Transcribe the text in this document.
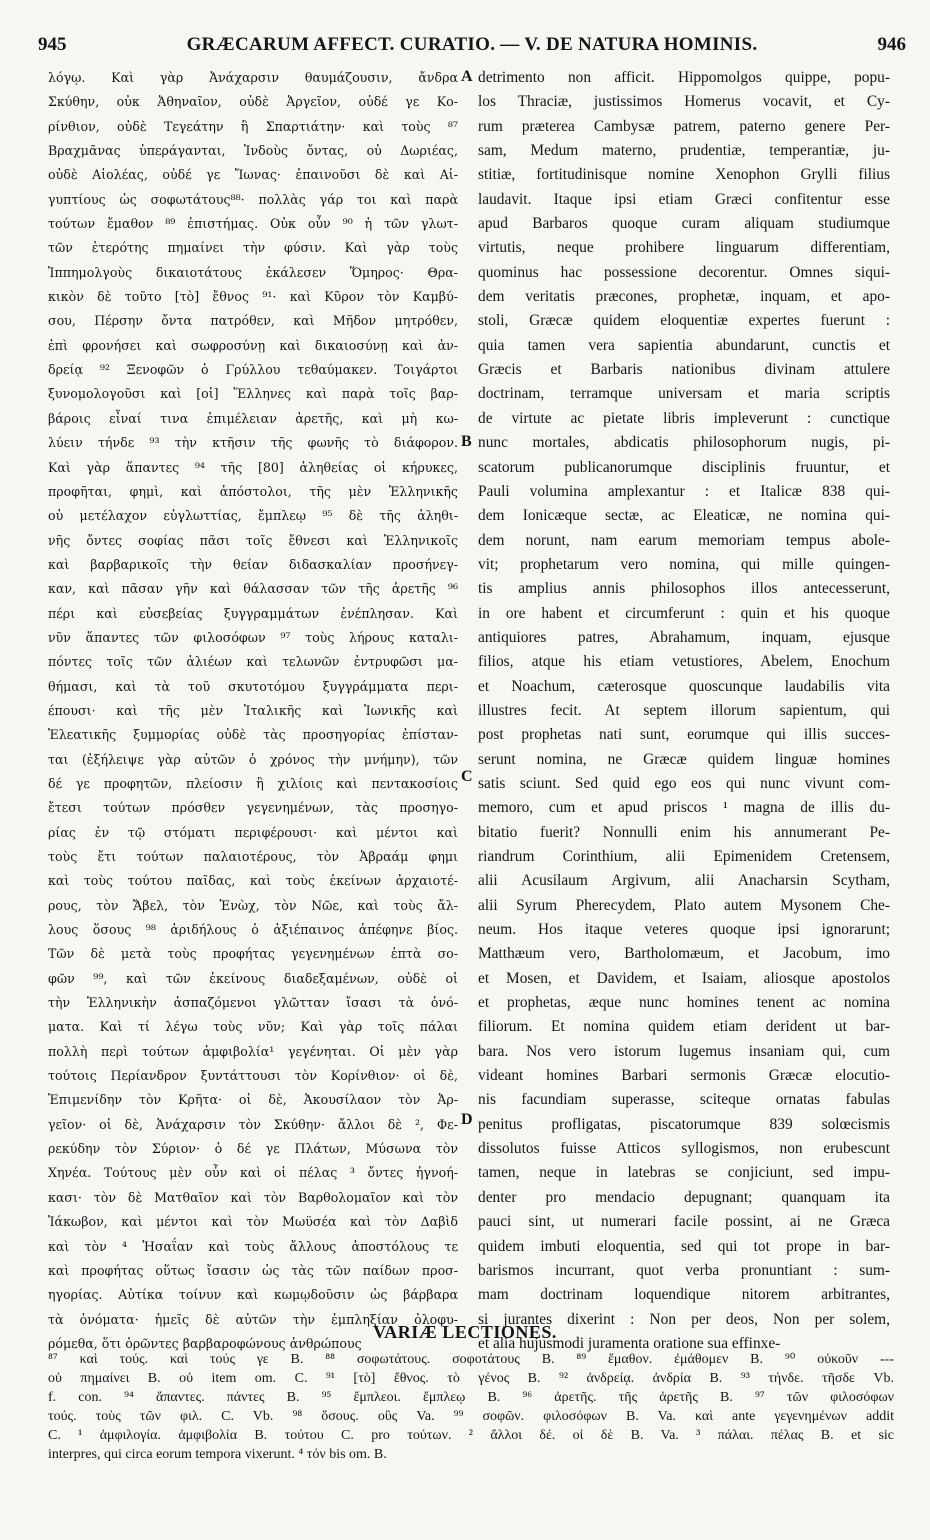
945	GRÆCARUM AFFECT. CURATIO. — V. DE NATURA HOMINIS.	946
λόγῳ. Καὶ γὰρ Ἀνάχαρσιν θαυμάζουσιν, ἄνδρα
Σκύθην, οὐκ Ἀθηναῖον, οὐδὲ Ἀργεῖον, οὐδέ γε Κο-
ρίνθιον, οὐδὲ Τεγεάτην ἢ Σπαρτιάτην· καὶ τοὺς ⁸⁷
Βραχμᾶνας ὑπεράγανται, Ἰνδοὺς ὄντας, οὐ Δωριέας,
οὐδὲ Αἰολέας, οὐδέ γε Ἴωνας· ἐπαινοῦσι δὲ καὶ Αἰ-
γυπτίους ὡς σοφωτάτους⁸⁸· πολλὰς γάρ τοι καὶ παρὰ
τούτων ἔμαθον ⁸⁹ ἐπιστήμας. Οὐκ οὖν ⁹⁰ ἡ τῶν γλωτ-
τῶν ἑτερότης πημαίνει τὴν φύσιν. Καὶ γὰρ τοὺς
Ἱππημολγοὺς δικαιοτάτους ἐκάλεσεν Ὅμηρος· Θρα-
κικὸν δὲ τοῦτο [τὸ] ἔθνος ⁹¹· καὶ Κῦρον τὸν Καμβύ-
σου, Πέρσην ὄντα πατρόθεν, καὶ Μῆδον μητρόθεν,
ἐπὶ φρονήσει καὶ σωφροσύνῃ καὶ δικαιοσύνῃ καὶ ἀν-
δρείᾳ ⁹² Ξενοφῶν ὁ Γρύλλου τεθαύμακεν. Τοιγάρτοι
ξυνομολογοῦσι καὶ [οἱ] Ἕλληνες καὶ παρὰ τοῖς βαρ-
βάροις εἶναί τινα ἐπιμέλειαν ἀρετῆς, καὶ μὴ κω-
λύειν τήνδε ⁹³ τὴν κτῆσιν τῆς φωνῆς τὸ διάφορον.
Καὶ γὰρ ἅπαντες ⁹⁴ τῆς [80] ἀληθείας οἱ κήρυκες,
προφῆται, φημὶ, καὶ ἀπόστολοι, τῆς μὲν Ἑλληνικῆς
οὐ μετέλαχον εὐγλωττίας, ἔμπλεῳ ⁹⁵ δὲ τῆς ἀληθι-
νῆς ὄντες σοφίας πᾶσι τοῖς ἔθνεσι καὶ Ἑλληνικοῖς
καὶ βαρβαρικοῖς τὴν θείαν διδασκαλίαν προσήνεγ-
καν, καὶ πᾶσαν γῆν καὶ θάλασσαν τῶν τῆς ἀρετῆς ⁹⁶
πέρι καὶ εὐσεβείας ξυγγραμμάτων ἐνέπλησαν. Καὶ
νῦν ἅπαντες τῶν φιλοσόφων ⁹⁷ τοὺς λήρους καταλι-
πόντες τοῖς τῶν ἁλιέων καὶ τελωνῶν ἐντρυφῶσι μα-
θήμασι, καὶ τὰ τοῦ σκυτοτόμου ξυγγράμματα περι-
έπουσι· καὶ τῆς μὲν Ἰταλικῆς καὶ Ἰωνικῆς καὶ
Ἐλεατικῆς ξυμμορίας οὐδὲ τὰς προσηγορίας ἐπίσταν-
ται (ἐξήλειψε γὰρ αὐτῶν ὁ χρόνος τὴν μνήμην), τῶν
δέ γε προφητῶν, πλείοσιν ἢ χιλίοις καὶ πεντακοσίοις
ἔτεσι τούτων πρόσθεν γεγενημένων, τὰς προσηγο-
ρίας ἐν τῷ στόματι περιφέρουσι· καὶ μέντοι καὶ
τοὺς ἔτι τούτων παλαιοτέρους, τὸν Ἀβραάμ φημι
καὶ τοὺς τούτου παῖδας, καὶ τοὺς ἐκείνων ἀρχαιοτέ-
ρους, τὸν Ἄβελ, τὸν Ἐνὼχ, τὸν Νῶε, καὶ τοὺς ἄλ-
λους ὅσους ⁹⁸ ἀριδήλους ὁ ἀξιέπαινος ἀπέφηνε βίος.
Τῶν δὲ μετὰ τοὺς προφήτας γεγενημένων ἑπτὰ σο-
φῶν ⁹⁹, καὶ τῶν ἐκείνους διαδεξαμένων, οὐδὲ οἱ
τὴν Ἑλληνικὴν ἀσπαζόμενοι γλῶτταν ἴσασι τὰ ὀνό-
ματα. Καὶ τί λέγω τοὺς νῦν; Καὶ γὰρ τοῖς πάλαι
πολλὴ περὶ τούτων ἀμφιβολία¹ γεγένηται. Οἱ μὲν γὰρ
τούτοις Περίανδρον ξυντάττουσι τὸν Κορίνθιον· οἱ δὲ,
Ἐπιμενίδην τὸν Κρῆτα· οἱ δὲ, Ἀκουσίλαον τὸν Ἀρ-
γεῖον· οἱ δὲ, Ἀνάχαρσιν τὸν Σκύθην· ἄλλοι δὲ ², Φε-
ρεκύδην τὸν Σύριον· ὁ δέ γε Πλάτων, Μύσωνα τὸν
Χηνέα. Τούτους μὲν οὖν καὶ οἱ πέλας ³ ὄντες ἠγνοή-
κασι· τὸν δὲ Ματθαῖον καὶ τὸν Βαρθολομαῖον καὶ τὸν
Ἰάκωβον, καὶ μέντοι καὶ τὸν Μωϋσέα καὶ τὸν Δαβὶδ
καὶ τὸν ⁴ Ἡσαΐαν καὶ τοὺς ἄλλους ἀποστόλους τε
καὶ προφήτας οὕτως ἴσασιν ὡς τὰς τῶν παίδων προσ-
ηγορίας. Αὐτίκα τοίνυν καὶ κωμῳδοῦσιν ὡς βάρβαρα
τὰ ὀνόματα· ἡμεῖς δὲ αὐτῶν τὴν ἐμπληξίαν ὀλοφυ-
ρόμεθα, ὅτι ὁρῶντες βαρβαροφώνους ἀνθρώπους
detrimento non afficit. Hippomolgos quippe, popu-
los Thraciæ, justissimos Homerus vocavit, et Cy-
rum præterea Cambysæ patrem, paterno genere Per-
sam, Medum materno, prudentiæ, temperantiæ, ju-
stitiæ, fortitudinisque nomine Xenophon Grylli filius
laudavit. Itaque ipsi etiam Græci confitentur esse
apud Barbaros quoque curam aliquam studiumque
virtutis, neque prohibere linguarum differentiam,
quominus hac possessione decorentur. Omnes siqui-
dem veritatis præcones, prophetæ, inquam, et apo-
stoli, Græcæ quidem eloquentiæ expertes fuerunt :
quia tamen vera sapientia abundarunt, cunctis et
Græcis et Barbaris nationibus divinam attulere
doctrinam, terramque universam et maria scriptis
de virtute ac pietate libris impleverunt : cunctique
nunc mortales, abdicatis philosophorum nugis, pi-
scatorum publicanorumque disciplinis fruuntur, et
Pauli volumina amplexantur : et Italicæ 838 qui-
dem Ionicæque sectæ, ac Eleaticæ, ne nomina qui-
dem norunt, nam earum memoriam tempus abole-
vit; prophetarum vero nomina, qui mille quingen-
tis amplius annis philosophos illos antecesserunt,
in ore habent et circumferunt : quin et his quoque
antiquiores patres, Abrahamum, inquam, ejusque
filios, atque his etiam vetustiores, Abelem, Enochum
et Noachum, cæterosque quoscunque laudabilis vita
illustres fecit. At septem illorum sapientum, qui
post prophetas nati sunt, eorumque qui illis succes-
serunt nomina, ne Græcæ quidem linguæ homines
satis sciunt. Sed quid ego eos qui nunc vivunt com-
memoro, cum et apud priscos ¹ magna de illis du-
bitatio fuerit? Nonnulli enim his annumerant Pe-
riandrum Corinthium, alii Epimenidem Cretensem,
alii Acusilaum Argivum, alii Anacharsin Scytham,
alii Syrum Pherecydem, Plato autem Mysonem Che-
neum. Hos itaque veteres quoque ipsi ignorarunt;
Matthæum vero, Bartholomæum, et Jacobum, imo
et Mosen, et Davidem, et Isaiam, aliosque apostolos
et prophetas, æque nunc homines tenent ac nomina
filiorum. Et nomina quidem etiam derident ut bar-
bara. Nos vero istorum lugemus insaniam qui, cum
videant homines Barbari sermonis Græcæ elocutio-
nis facundiam superasse, sciteque ornatas fabulas
penitus profligatas, piscatorumque 839 solœcismis
dissolutos fuisse Atticos syllogismos, non erubescunt
tamen, neque in latebras se conjiciunt, sed impu-
denter pro mendacio depugnant; quanquam ita
pauci sint, ut numerari facile possint, ai ne Græca
quidem imbuti eloquentia, sed qui tot prope in bar-
barismos incurrant, quot verba pronuntiant : sum-
mam doctrinam loquendique nitorem arbitrantes,
si jurantes dixerint : Non per deos, Non per solem,
et alia hujusmodi juramenta oratione sua effinxe-
A
B
C
D
VARIÆ LECTIONES.
⁸⁷ καὶ τούς. καὶ τούς γε B. ⁸⁸ σοφωτάτους. σοφοτάτους B. ⁸⁹ ἔμαθον. ἐμάθομεν B. ⁹⁰ οὐκοῦν ---
οὐ πημαίνει B. οὐ item om. C. ⁹¹ [τὸ] ἔθνος. τὸ γένος B. ⁹² ἀνδρείᾳ. ἀνδρία B. ⁹³ τήνδε. τῆσδε Vb.
f. con. ⁹⁴ ἅπαντες. πάντες B. ⁹⁵ ἔμπλεοι. ἔμπλεῳ B. ⁹⁶ ἀρετῆς. τῆς ἀρετῆς B. ⁹⁷ τῶν φιλοσόφων
τούς. τοὺς τῶν φιλ. C. Vb. ⁹⁸ ὅσους. οὓς Va. ⁹⁹ σοφῶν. φιλοσόφων B. Va. καὶ ante γεγενημένων addit
C. ¹ ἀμφιλογία. ἀμφιβολία B. τούτου C. pro τούτων. ² ἄλλοι δέ. οἱ δὲ B. Va. ³ πάλαι. πέλας B. et sic
interpres, qui circa eorum tempora vixerunt. ⁴ τόν bis om. B.
